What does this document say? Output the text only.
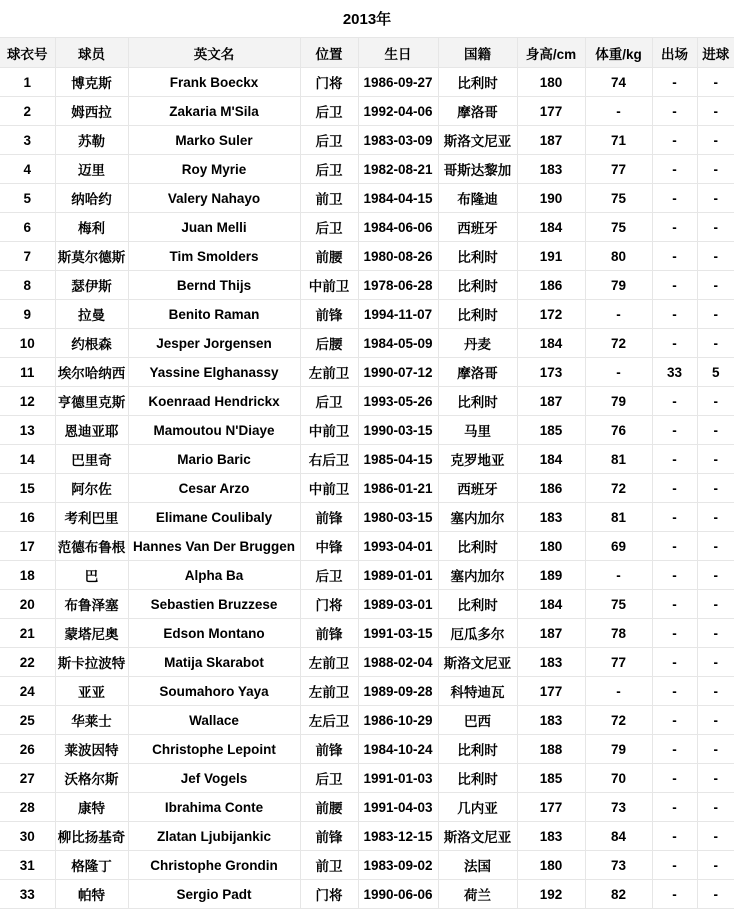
2013年
球衣号	球员	英文名	位置	生日	国籍	身高/cm	体重/kg	出场	进球
1	博克斯	Frank Boeckx	门将	1986-09-27	比利时	180	74	-	-
2	姆西拉	Zakaria M'Sila	后卫	1992-04-06	摩洛哥	177	-	-	-
3	苏勒	Marko Suler	后卫	1983-03-09	斯洛文尼亚	187	71	-	-
4	迈里	Roy Myrie	后卫	1982-08-21	哥斯达黎加	183	77	-	-
5	纳哈约	Valery Nahayo	前卫	1984-04-15	布隆迪	190	75	-	-
6	梅利	Juan Melli	后卫	1984-06-06	西班牙	184	75	-	-
7	斯莫尔德斯	Tim Smolders	前腰	1980-08-26	比利时	191	80	-	-
8	瑟伊斯	Bernd Thijs	中前卫	1978-06-28	比利时	186	79	-	-
9	拉曼	Benito Raman	前锋	1994-11-07	比利时	172	-	-	-
10	约根森	Jesper Jorgensen	后腰	1984-05-09	丹麦	184	72	-	-
11	埃尔哈纳西	Yassine Elghanassy	左前卫	1990-07-12	摩洛哥	173	-	33	5
12	亨德里克斯	Koenraad Hendrickx	后卫	1993-05-26	比利时	187	79	-	-
13	恩迪亚耶	Mamoutou N'Diaye	中前卫	1990-03-15	马里	185	76	-	-
14	巴里奇	Mario Baric	右后卫	1985-04-15	克罗地亚	184	81	-	-
15	阿尔佐	Cesar Arzo	中前卫	1986-01-21	西班牙	186	72	-	-
16	考利巴里	Elimane Coulibaly	前锋	1980-03-15	塞内加尔	183	81	-	-
17	范德布鲁根	Hannes Van Der Bruggen	中锋	1993-04-01	比利时	180	69	-	-
18	巴	Alpha Ba	后卫	1989-01-01	塞内加尔	189	-	-	-
20	布鲁泽塞	Sebastien Bruzzese	门将	1989-03-01	比利时	184	75	-	-
21	蒙塔尼奥	Edson Montano	前锋	1991-03-15	厄瓜多尔	187	78	-	-
22	斯卡拉波特	Matija Skarabot	左前卫	1988-02-04	斯洛文尼亚	183	77	-	-
24	亚亚	Soumahoro Yaya	左前卫	1989-09-28	科特迪瓦	177	-	-	-
25	华莱士	Wallace	左后卫	1986-10-29	巴西	183	72	-	-
26	莱波因特	Christophe Lepoint	前锋	1984-10-24	比利时	188	79	-	-
27	沃格尔斯	Jef Vogels	后卫	1991-01-03	比利时	185	70	-	-
28	康特	Ibrahima Conte	前腰	1991-04-03	几内亚	177	73	-	-
30	柳比扬基奇	Zlatan Ljubijankic	前锋	1983-12-15	斯洛文尼亚	183	84	-	-
31	格隆丁	Christophe Grondin	前卫	1983-09-02	法国	180	73	-	-
33	帕特	Sergio Padt	门将	1990-06-06	荷兰	192	82	-	-
